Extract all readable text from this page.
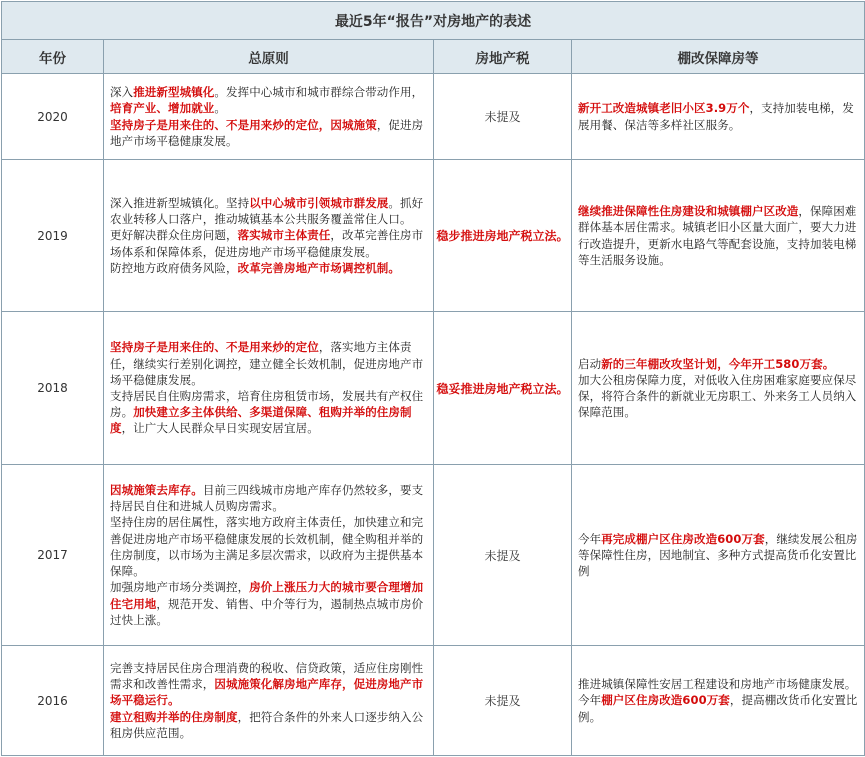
最近5年“报告”对房地产的表述			
年份	总原则	房地产税	棚改保障房等
2020	深入推进新型城镇化。发挥中心城市和城市群综合带动作用，培育产业、增加就业。
坚持房子是用来住的、不是用来炒的定位，因城施策，促进房地产市场平稳健康发展。	未提及	新开工改造城镇老旧小区3.9万个，支持加装电梯，发展用餐、保洁等多样社区服务。

2019	深入推进新型城镇化。坚持以中心城市引领城市群发展。抓好农业转移人口落户，推动城镇基本公共服务覆盖常住人口。
更好解决群众住房问题，落实城市主体责任，改革完善住房市场体系和保障体系，促进房地产市场平稳健康发展。
防控地方政府债务风险，改革完善房地产市场调控机制。	稳步推进房地产税立法。	继续推进保障性住房建设和城镇棚户区改造，保障困难群体基本居住需求。城镇老旧小区量大面广，要大力进行改造提升，更新水电路气等配套设施，支持加装电梯等生活服务设施。

2018	坚持房子是用来住的、不是用来炒的定位，落实地方主体责任，继续实行差别化调控，建立健全长效机制，促进房地产市场平稳健康发展。
支持居民自住购房需求，培育住房租赁市场，发展共有产权住房。加快建立多主体供给、多渠道保障、租购并举的住房制度，让广大人民群众早日实现安居宜居。	稳妥推进房地产税立法。	启动新的三年棚改攻坚计划，今年开工580万套。
加大公租房保障力度，对低收入住房困难家庭要应保尽保，将符合条件的新就业无房职工、外来务工人员纳入保障范围。

2017	因城施策去库存。目前三四线城市房地产库存仍然较多，要支持居民自住和进城人员购房需求。
坚持住房的居住属性，落实地方政府主体责任，加快建立和完善促进房地产市场平稳健康发展的长效机制，健全购租并举的住房制度，以市场为主满足多层次需求，以政府为主提供基本保障。
加强房地产市场分类调控，房价上涨压力大的城市要合理增加住宅用地，规范开发、销售、中介等行为，遏制热点城市房价过快上涨。	未提及	今年再完成棚户区住房改造600万套，继续发展公租房等保障性住房，因地制宜、多种方式提高货币化安置比例

2016	完善支持居民住房合理消费的税收、信贷政策，适应住房刚性需求和改善性需求，因城施策化解房地产库存，促进房地产市场平稳运行。
建立租购并举的住房制度，把符合条件的外来人口逐步纳入公租房供应范围。	未提及	推进城镇保障性安居工程建设和房地产市场健康发展。今年棚户区住房改造600万套，提高棚改货币化安置比例。
